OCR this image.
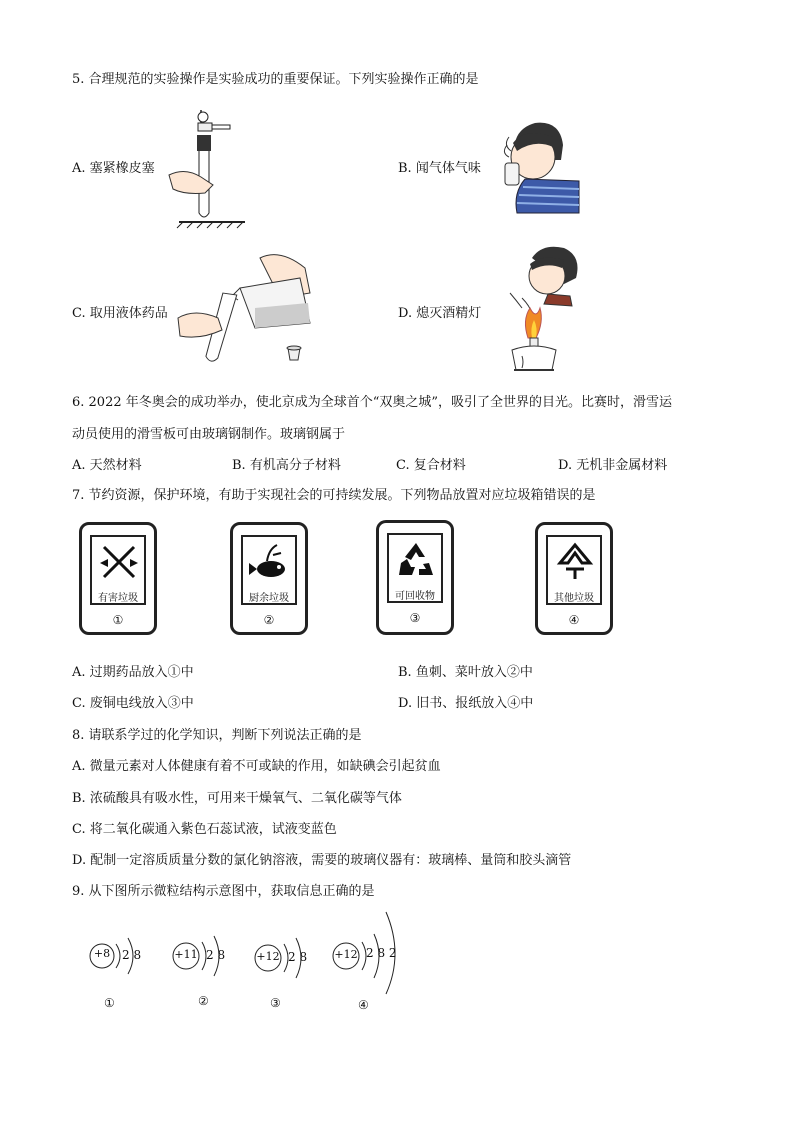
5. 合理规范的实验操作是实验成功的重要保证。下列实验操作正确的是
A. 塞紧橡皮塞	B. 闻气体气味
C. 取用液体药品	D. 熄灭酒精灯
6. 2022 年冬奥会的成功举办，使北京成为全球首个“双奥之城”，吸引了全世界的目光。比赛时，滑雪运
动员使用的滑雪板可由玻璃钢制作。玻璃钢属于
A. 天然材料	B. 有机高分子材料	C. 复合材料	D. 无机非金属材料
7. 节约资源，保护环境，有助于实现社会的可持续发展。下列物品放置对应垃圾箱错误的是
有害垃圾
①
厨余垃圾
②
可回收物
③
其他垃圾
④
A. 过期药品放入①中	B. 鱼刺、菜叶放入②中
C. 废铜电线放入③中	D. 旧书、报纸放入④中
8. 请联系学过的化学知识，判断下列说法正确的是
A. 微量元素对人体健康有着不可或缺的作用，如缺碘会引起贫血
B. 浓硫酸具有吸水性，可用来干燥氧气、二氧化碳等气体
C. 将二氧化碳通入紫色石蕊试液，试液变蓝色
D. 配制一定溶质质量分数的氯化钠溶液，需要的玻璃仪器有：玻璃棒、量筒和胶头滴管
9. 从下图所示微粒结构示意图中，获取信息正确的是
+8 2 8
①
+11 2 8
②
+12 2 8
③
+12 2 8 2
④
